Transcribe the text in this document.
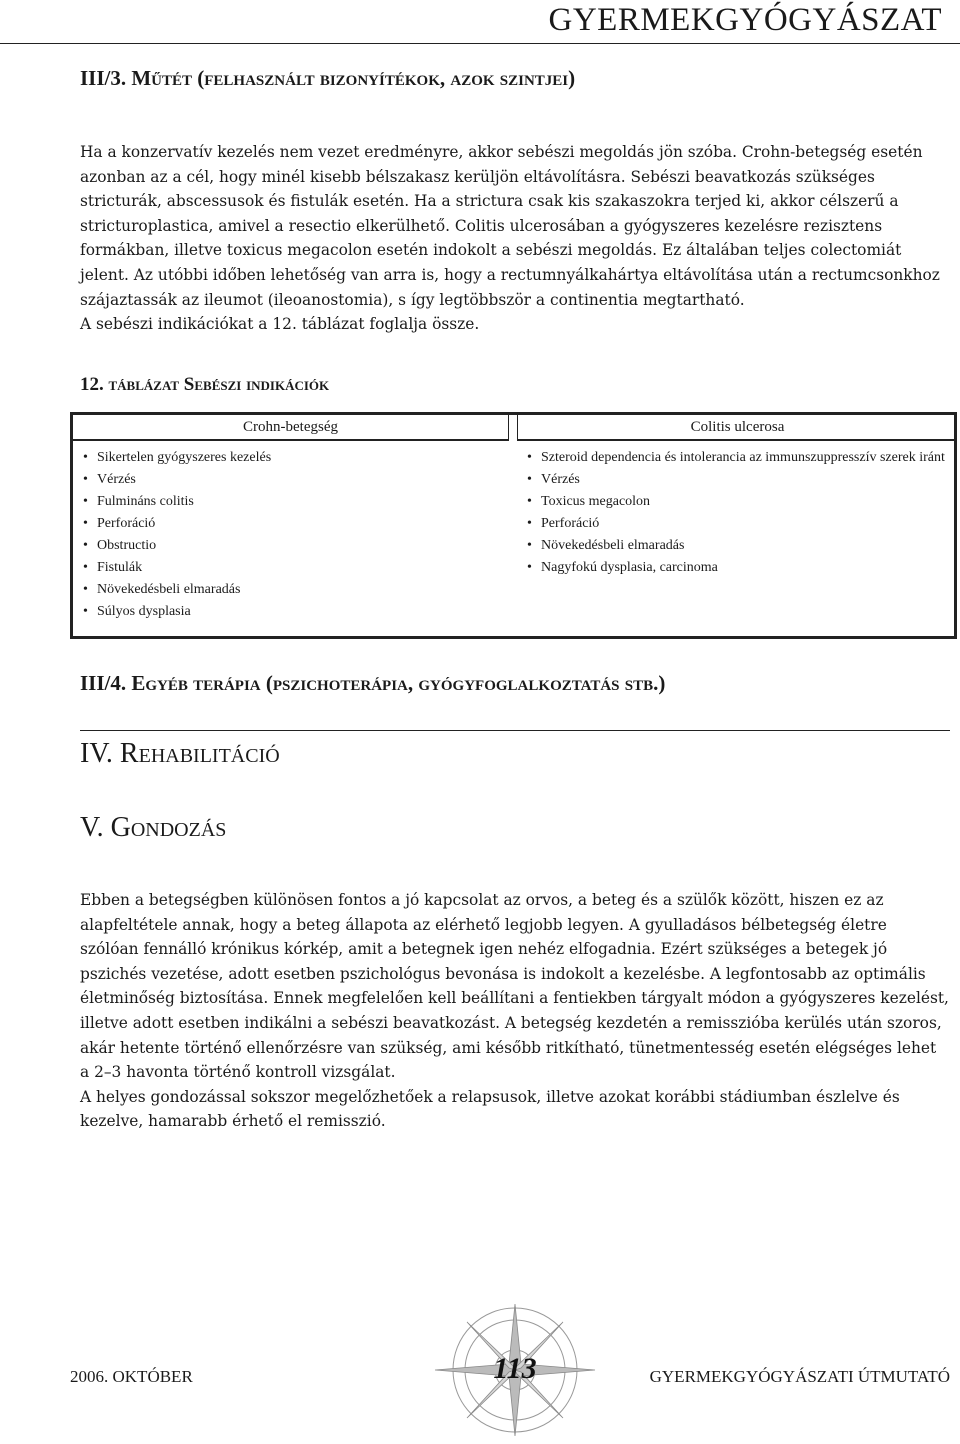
GYERMEKGYÓGYÁSZAT
III/3. Műtét (felhasznált bizonyítékok, azok szintjei)

Ha a konzervatív kezelés nem vezet eredményre, akkor sebészi megoldás jön szóba. Crohn-betegség esetén azonban az a cél, hogy minél kisebb bélszakasz kerüljön eltávolításra. Sebészi beavatkozás szükséges stricturák, abscessusok és fistulák esetén. Ha a strictura csak kis szakaszokra terjed ki, akkor célszerű a stricturoplastica, amivel a resectio elkerülhető. Colitis ulcerosában a gyógyszeres kezelésre rezisztens formákban, illetve toxicus megacolon esetén indokolt a sebészi megoldás. Ez általában teljes colectomiát jelent. Az utóbbi időben lehetőség van arra is, hogy a rectumnyálkahártya eltávolítása után a rectumcsonkhoz szájaztassák az ileumot (ileoanostomia), s így legtöbbször a continentia megtartható.

A sebészi indikációkat a 12. táblázat foglalja össze.

12. táblázat Sebészi indikációk
Crohn-betegség
• Sikertelen gyógyszeres kezelés
• Vérzés
• Fulmináns colitis
• Perforáció
• Obstructio
• Fistulák
• Növekedésbeli elmaradás
• Súlyos dysplasia
Colitis ulcerosa
• Szteroid dependencia és intolerancia az immunszuppresszív szerek iránt
• Vérzés
• Toxicus megacolon
• Perforáció
• Növekedésbeli elmaradás
• Nagyfokú dysplasia, carcinoma
III/4. Egyéb terápia (pszichoterápia, gyógyfoglalkoztatás stb.)
IV. Rehabilitáció
V. Gondozás

Ebben a betegségben különösen fontos a jó kapcsolat az orvos, a beteg és a szülők között, hiszen ez az alapfeltétele annak, hogy a beteg állapota az elérhető legjobb legyen. A gyulladásos bélbetegség életre szólóan fennálló krónikus kórkép, amit a betegnek igen nehéz elfogadnia. Ezért szükséges a betegek jó pszichés vezetése, adott esetben pszichológus bevonása is indokolt a kezelésbe. A legfontosabb az optimális életminőség biztosítása. Ennek megfelelően kell beállítani a fentiekben tárgyalt módon a gyógyszeres kezelést, illetve adott esetben indikálni a sebészi beavatkozást. A betegség kezdetén a remisszióba kerülés után szoros, akár hetente történő ellenőrzésre van szükség, ami később ritkítható, tünetmentesség esetén elégséges lehet a 2–3 havonta történő kontroll vizsgálat.

A helyes gondozással sokszor megelőzhetőek a relapsusok, illetve azokat korábbi stádiumban észlelve és kezelve, hamarabb érhető el remisszió.

2006. OKTÓBER	113	GYERMEKGYÓGYÁSZATI ÚTMUTATÓ
